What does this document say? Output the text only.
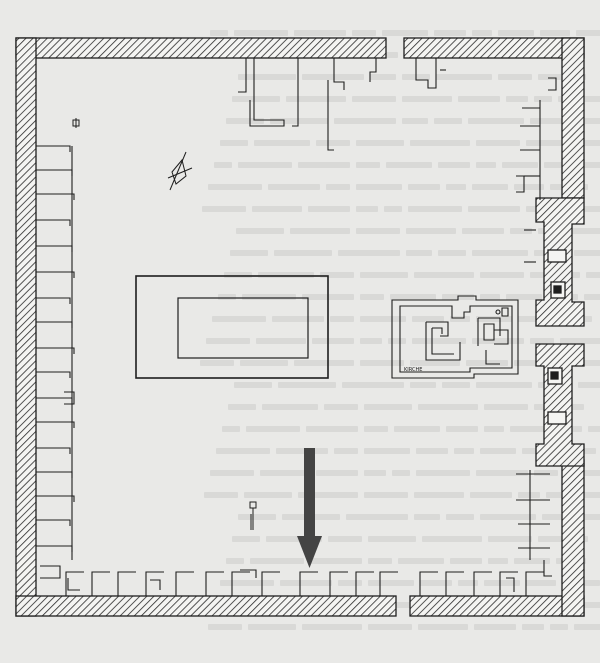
KIRCHE
